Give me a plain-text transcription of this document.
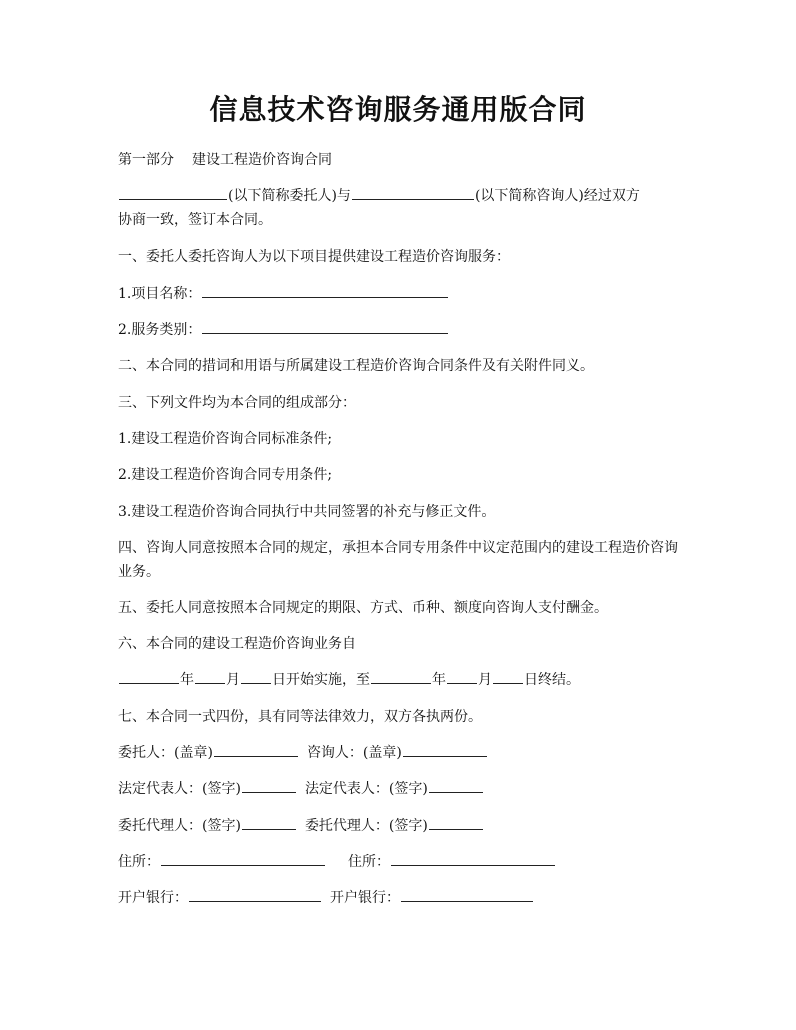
信息技术咨询服务通用版合同
第一部分 建设工程造价咨询合同
(以下简称委托人)与	(以下简称咨询人)经过双方
协商一致，签订本合同。
一、委托人委托咨询人为以下项目提供建设工程造价咨询服务：
1.项目名称：
2.服务类别：
二、本合同的措词和用语与所属建设工程造价咨询合同条件及有关附件同义。
三、下列文件均为本合同的组成部分：
1.建设工程造价咨询合同标准条件;
2.建设工程造价咨询合同专用条件;
3.建设工程造价咨询合同执行中共同签署的补充与修正文件。
四、咨询人同意按照本合同的规定，承担本合同专用条件中议定范围内的建设工程造价咨询业务。
五、委托人同意按照本合同规定的期限、方式、币种、额度向咨询人支付酬金。
六、本合同的建设工程造价咨询业务自
年 月 日开始实施，至	年 月 日终结。
七、本合同一式四份，具有同等法律效力，双方各执两份。
委托人：(盖章)	咨询人：(盖章)
法定代表人：(签字)	法定代表人：(签字)
委托代理人：(签字)	委托代理人：(签字)
住所：	住所：
开户银行：	开户银行：
